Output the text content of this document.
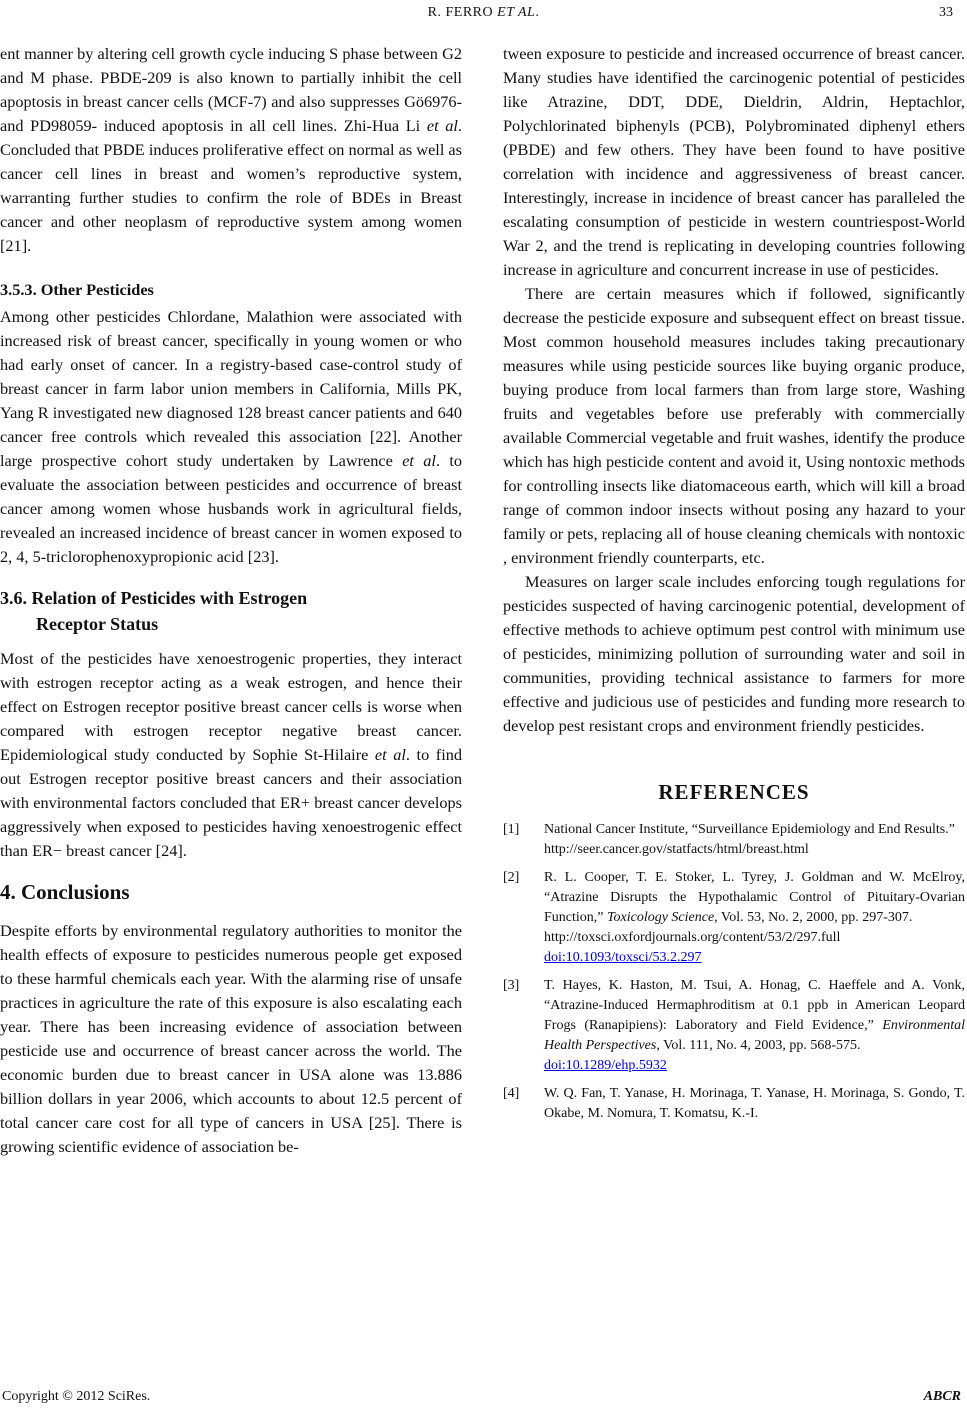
R. FERRO ET AL.	33

ent manner by altering cell growth cycle inducing S phase between G2 and M phase. PBDE-209 is also known to partially inhibit the cell apoptosis in breast cancer cells (MCF-7) and also suppresses Gö6976- and PD98059- induced apoptosis in all cell lines. Zhi-Hua Li et al. Concluded that PBDE induces proliferative effect on normal as well as cancer cell lines in breast and women’s reproductive system, warranting further studies to confirm the role of BDEs in Breast cancer and other neoplasm of reproductive system among women [21].

3.5.3. Other Pesticides

Among other pesticides Chlordane, Malathion were associated with increased risk of breast cancer, specifically in young women or who had early onset of cancer. In a registry-based case-control study of breast cancer in farm labor union members in California, Mills PK, Yang R investigated new diagnosed 128 breast cancer patients and 640 cancer free controls which revealed this association [22]. Another large prospective cohort study undertaken by Lawrence et al. to evaluate the association between pesticides and occurrence of breast cancer among women whose husbands work in agricultural fields, revealed an increased incidence of breast cancer in women exposed to 2, 4, 5-triclorophenoxypropionic acid [23].

3.6. Relation of Pesticides with Estrogen
Receptor Status

Most of the pesticides have xenoestrogenic properties, they interact with estrogen receptor acting as a weak estrogen, and hence their effect on Estrogen receptor positive breast cancer cells is worse when compared with estrogen receptor negative breast cancer. Epidemiological study conducted by Sophie St-Hilaire et al. to find out Estrogen receptor positive breast cancers and their association with environmental factors concluded that ER+ breast cancer develops aggressively when exposed to pesticides having xenoestrogenic effect than ER− breast cancer [24].

4. Conclusions

Despite efforts by environmental regulatory authorities to monitor the health effects of exposure to pesticides numerous people get exposed to these harmful chemicals each year. With the alarming rise of unsafe practices in agriculture the rate of this exposure is also escalating each year. There has been increasing evidence of association between pesticide use and occurrence of breast cancer across the world. The economic burden due to breast cancer in USA alone was 13.886 billion dollars in year 2006, which accounts to about 12.5 percent of total cancer care cost for all type of cancers in USA [25]. There is growing scientific evidence of association be-

tween exposure to pesticide and increased occurrence of breast cancer. Many studies have identified the carcinogenic potential of pesticides like Atrazine, DDT, DDE, Dieldrin, Aldrin, Heptachlor, Polychlorinated biphenyls (PCB), Polybrominated diphenyl ethers (PBDE) and few others. They have been found to have positive correlation with incidence and aggressiveness of breast cancer. Interestingly, increase in incidence of breast cancer has paralleled the escalating consumption of pesticide in western countriespost-World War 2, and the trend is replicating in developing countries following increase in agriculture and concurrent increase in use of pesticides.

There are certain measures which if followed, significantly decrease the pesticide exposure and subsequent effect on breast tissue. Most common household measures includes taking precautionary measures while using pesticide sources like buying organic produce, buying produce from local farmers than from large store, Washing fruits and vegetables before use preferably with commercially available Commercial vegetable and fruit washes, identify the produce which has high pesticide content and avoid it, Using nontoxic methods for controlling insects like diatomaceous earth, which will kill a broad range of common indoor insects without posing any hazard to your family or pets, replacing all of house cleaning chemicals with nontoxic , environment friendly counterparts, etc.

Measures on larger scale includes enforcing tough regulations for pesticides suspected of having carcinogenic potential, development of effective methods to achieve optimum pest control with minimum use of pesticides, minimizing pollution of surrounding water and soil in communities, providing technical assistance to farmers for more effective and judicious use of pesticides and funding more research to develop pest resistant crops and environment friendly pesticides.

REFERENCES
[1]	National Cancer Institute, “Surveillance Epidemiology and End Results.”
http://seer.cancer.gov/statfacts/html/breast.html
[2]	R. L. Cooper, T. E. Stoker, L. Tyrey, J. Goldman and W. McElroy, “Atrazine Disrupts the Hypothalamic Control of Pituitary-Ovarian Function,” Toxicology Science, Vol. 53, No. 2, 2000, pp. 297-307.
http://toxsci.oxfordjournals.org/content/53/2/297.full
doi:10.1093/toxsci/53.2.297
[3]	T. Hayes, K. Haston, M. Tsui, A. Honag, C. Haeffele and A. Vonk, “Atrazine-Induced Hermaphroditism at 0.1 ppb in American Leopard Frogs (Ranapipiens): Laboratory and Field Evidence,” Environmental Health Perspectives, Vol. 111, No. 4, 2003, pp. 568-575.
doi:10.1289/ehp.5932
[4]	W. Q. Fan, T. Yanase, H. Morinaga, T. Yanase, H. Morinaga, S. Gondo, T. Okabe, M. Nomura, T. Komatsu, K.-I.
Copyright © 2012 SciRes.	ABCR
